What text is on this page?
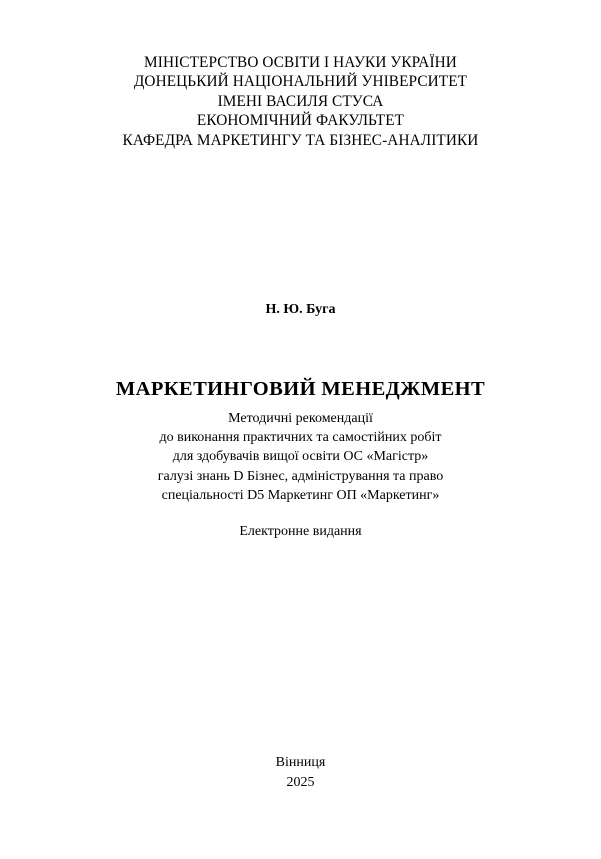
МІНІСТЕРСТВО ОСВІТИ І НАУКИ УКРАЇНИ
ДОНЕЦЬКИЙ НАЦІОНАЛЬНИЙ УНІВЕРСИТЕТ
ІМЕНІ ВАСИЛЯ СТУСА
ЕКОНОМІЧНИЙ ФАКУЛЬТЕТ
КАФЕДРА МАРКЕТИНГУ ТА БІЗНЕС-АНАЛІТИКИ
Н. Ю. Буга
МАРКЕТИНГОВИЙ МЕНЕДЖМЕНТ
Методичні рекомендації
до виконання практичних та самостійних робіт
для здобувачів вищої освіти ОС «Магістр»
галузі знань D Бізнес, адміністрування та право
спеціальності D5 Маркетинг ОП «Маркетинг»
Електронне видання
Вінниця
2025
